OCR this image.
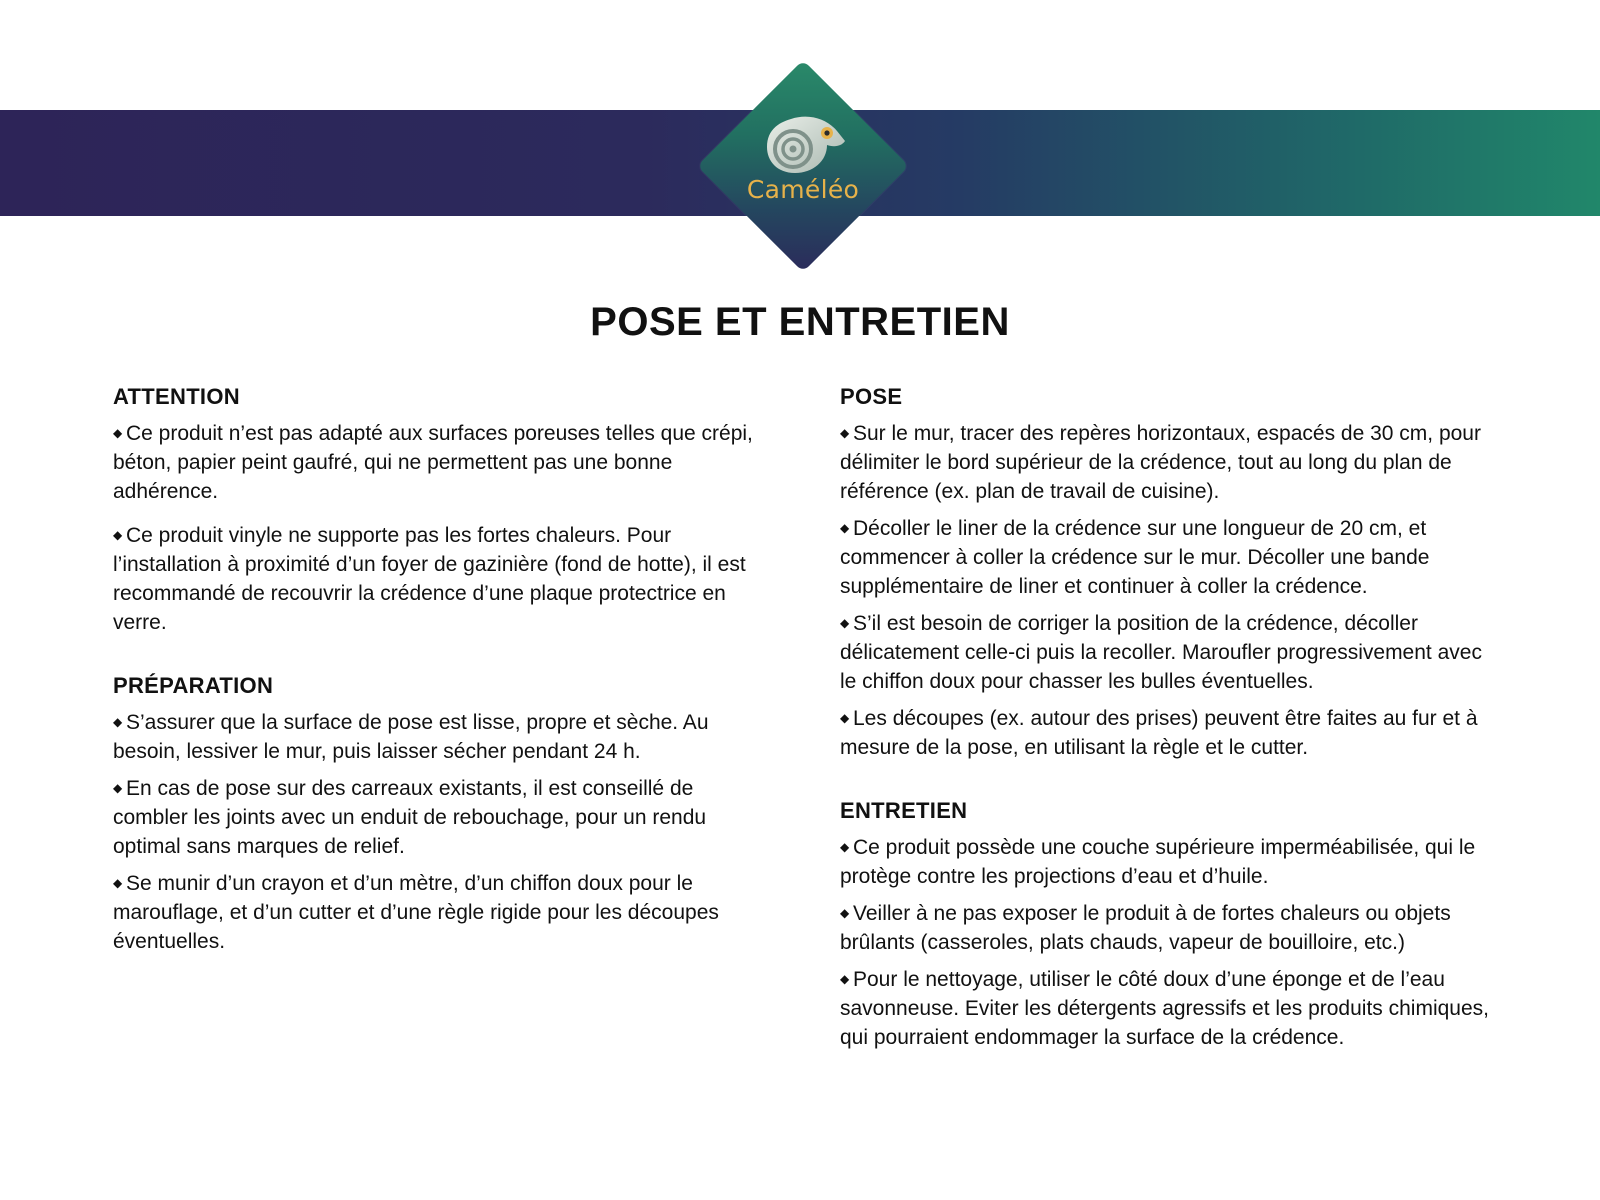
Caméléo
POSE ET ENTRETIEN
ATTENTION
◆ Ce produit n’est pas adapté aux surfaces poreuses telles que crépi, béton, papier peint gaufré, qui ne permettent pas une bonne adhérence.
◆ Ce produit vinyle ne supporte pas les fortes chaleurs. Pour l’installation à proximité d’un foyer de gazinière (fond de hotte), il est recommandé de recouvrir la crédence d’une plaque protectrice en verre.
PRÉPARATION
◆ S’assurer que la surface de pose est lisse, propre et sèche. Au besoin, lessiver le mur, puis laisser sécher pendant 24 h.
◆ En cas de pose sur des carreaux existants, il est conseillé de combler les joints avec un enduit de rebouchage, pour un rendu optimal sans marques de relief.
◆ Se munir d’un crayon et d’un mètre, d’un chiffon doux pour le marouflage, et d’un cutter et d’une règle rigide pour les découpes éventuelles.
POSE
◆ Sur le mur, tracer des repères horizontaux, espacés de 30 cm, pour délimiter le bord supérieur de la crédence, tout au long du plan de référence (ex. plan de travail de cuisine).
◆ Décoller le liner de la crédence sur une longueur de 20 cm, et commencer à coller la crédence sur le mur. Décoller une bande supplémentaire de liner et continuer à coller la crédence.
◆ S’il est besoin de corriger la position de la crédence, décoller délicatement celle-ci puis la recoller. Maroufler progressivement avec le chiffon doux pour chasser les bulles éventuelles.
◆ Les découpes (ex. autour des prises) peuvent être faites au fur et à mesure de la pose, en utilisant la règle et le cutter.
ENTRETIEN
◆ Ce produit possède une couche supérieure imperméabilisée, qui le protège contre les projections d’eau et d’huile.
◆ Veiller à ne pas exposer le produit à de fortes chaleurs ou objets brûlants (casseroles, plats chauds, vapeur de bouilloire, etc.)
◆ Pour le nettoyage, utiliser le côté doux d’une éponge et de l’eau savonneuse. Eviter les détergents agressifs et les produits chimiques, qui pourraient endommager la surface de la crédence.
